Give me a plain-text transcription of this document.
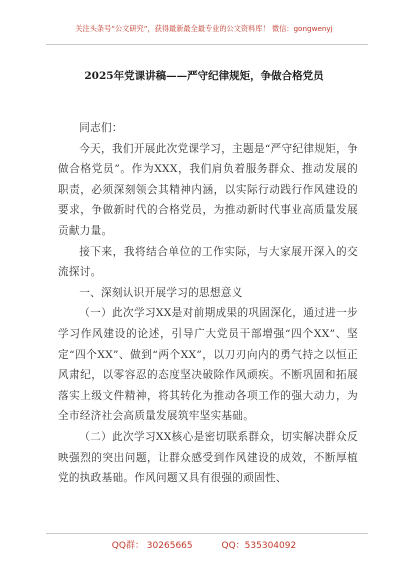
关注头条号“公文研究”，获得最新最全最专业的公文资料库！ 微信：gongwenyj
2025年党课讲稿——严守纪律规矩，争做合格党员

同志们：

今天，我们开展此次党课学习，主题是“严守纪律规矩，争做合格党员”。作为XXX，我们肩负着服务群众、推动发展的职责，必须深刻领会其精神内涵，以实际行动践行作风建设的要求，争做新时代的合格党员，为推动新时代事业高质量发展贡献力量。

接下来，我将结合单位的工作实际，与大家展开深入的交流探讨。

一、深刻认识开展学习的思想意义

（一）此次学习XX是对前期成果的巩固深化，通过进一步学习作风建设的论述，引导广大党员干部增强“四个XX”、坚定“四个XX”、做到“两个XX”，以刀刃向内的勇气持之以恒正风肃纪，以零容忍的态度坚决破除作风顽疾。不断巩固和拓展落实上级文件精神，将其转化为推动各项工作的强大动力，为全市经济社会高质量发展筑牢坚实基础。

（二）此次学习XX核心是密切联系群众，切实解决群众反映强烈的突出问题，让群众感受到作风建设的成效，不断厚植党的执政基础。作风问题又具有很强的顽固性、

QQ群： 30265665	QQ：535304092
